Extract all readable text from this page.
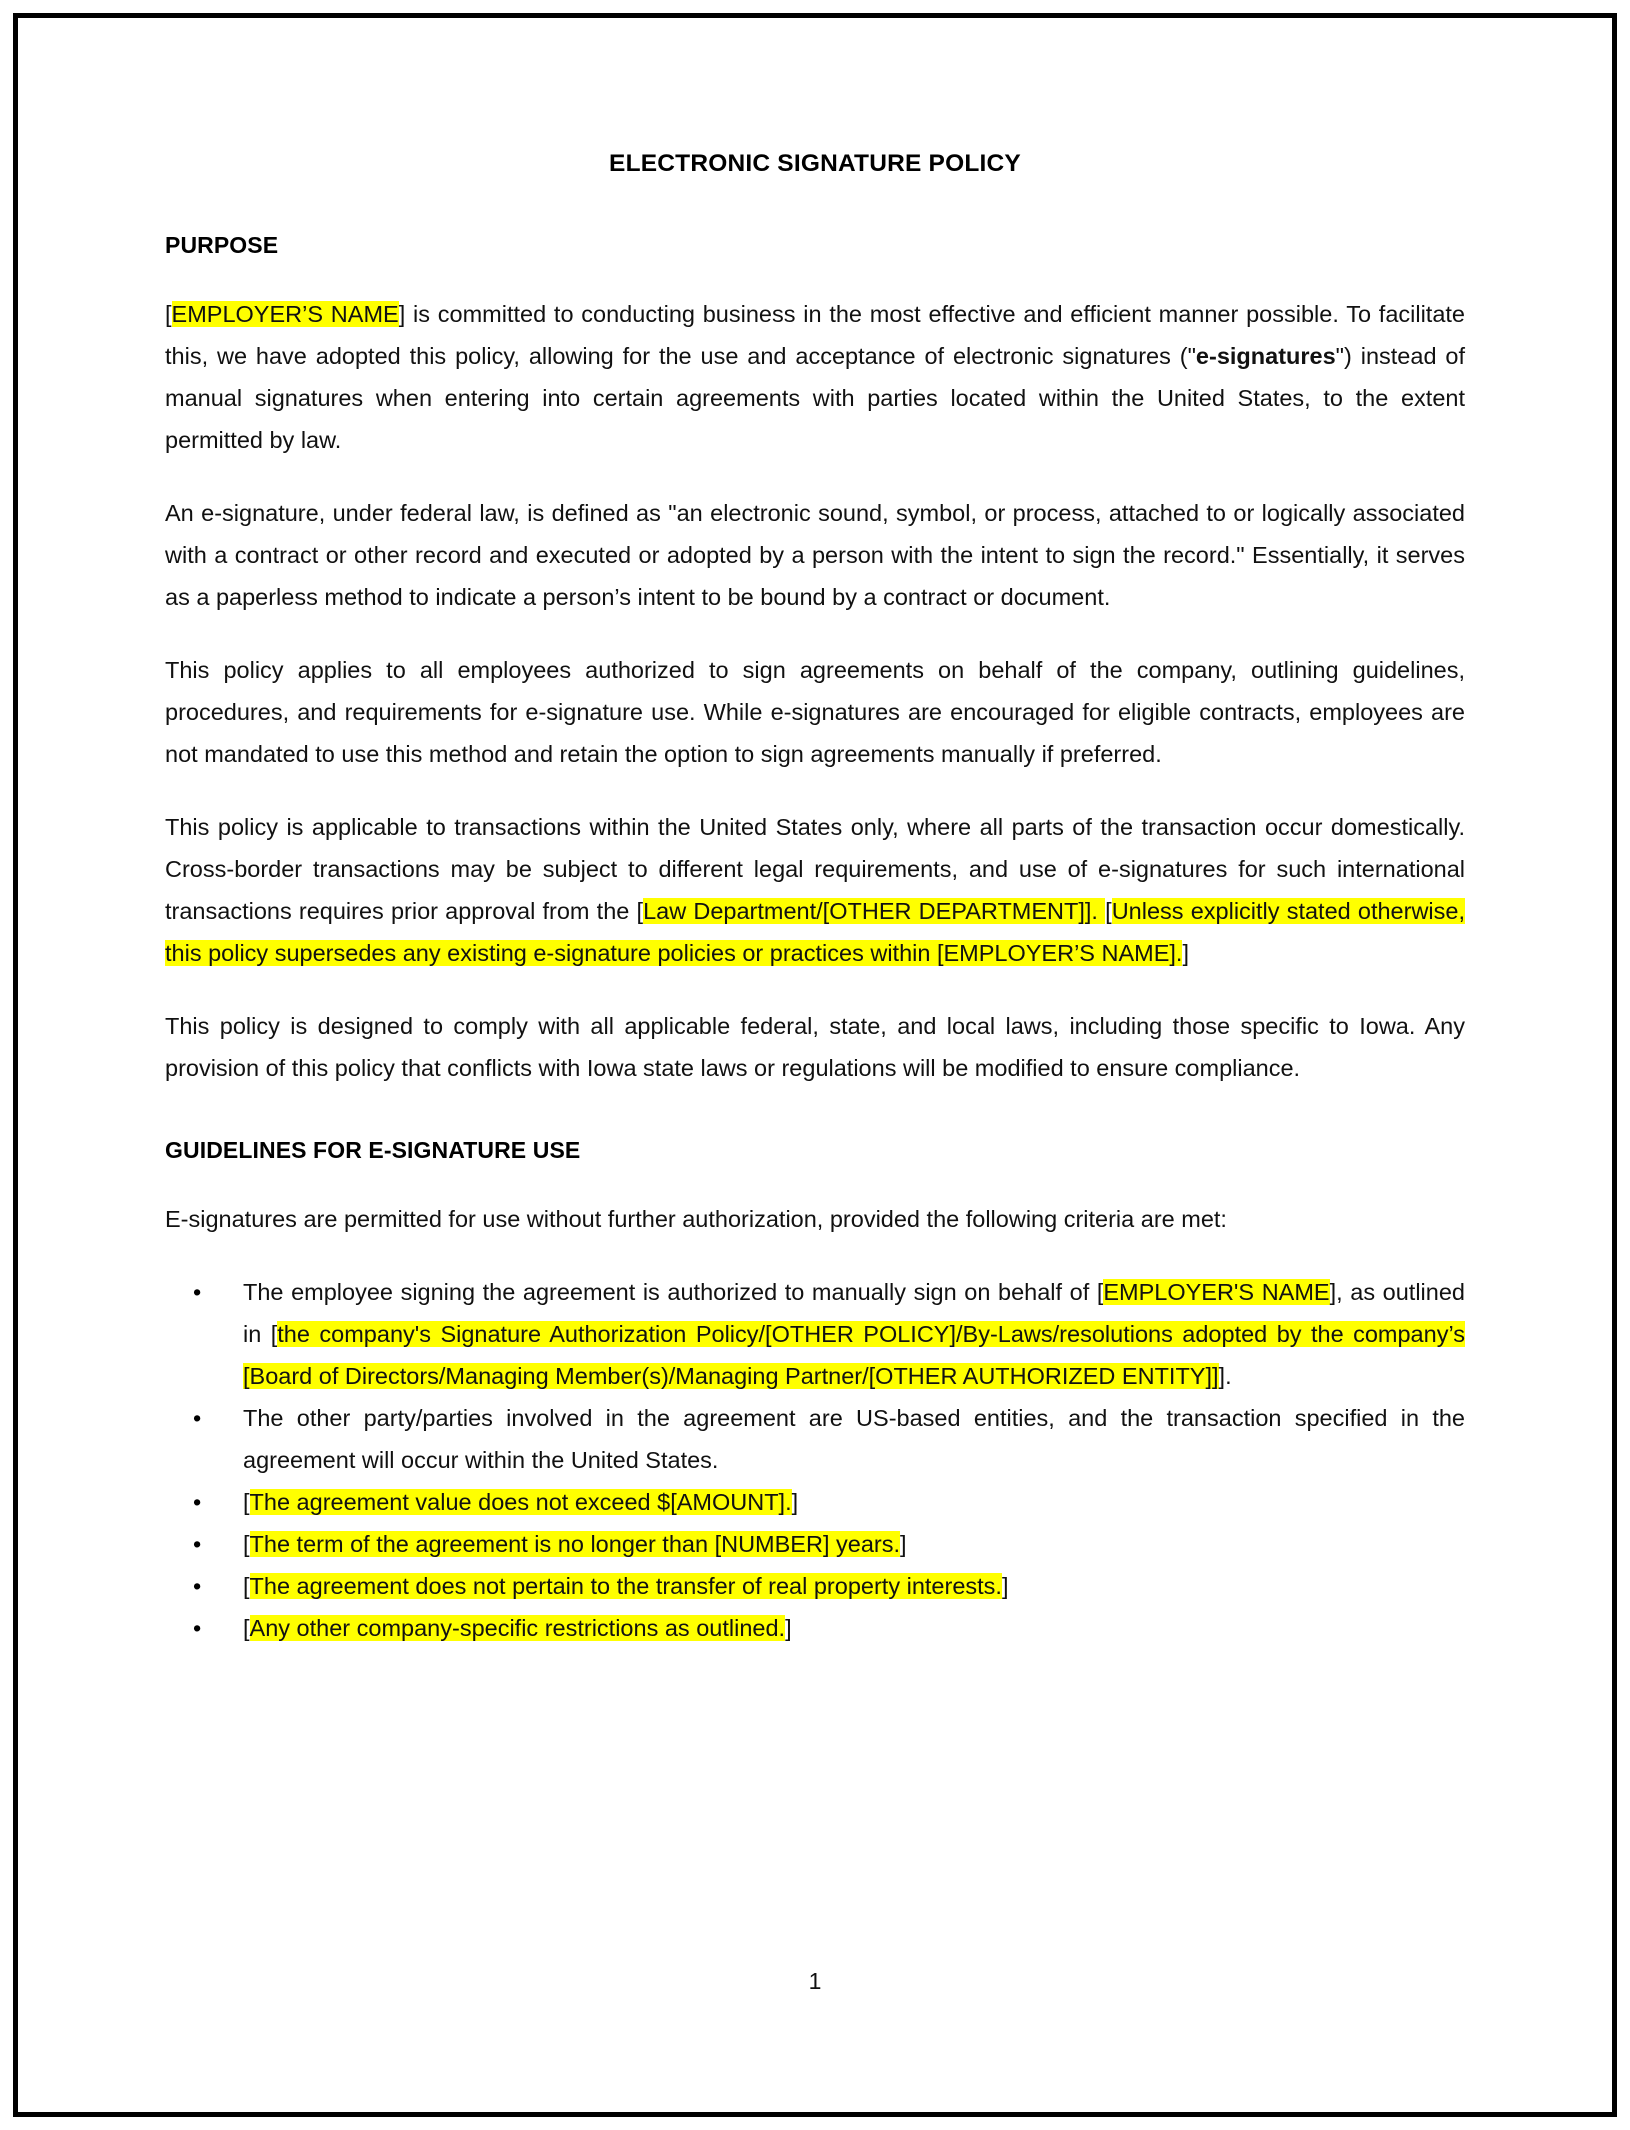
ELECTRONIC SIGNATURE POLICY
PURPOSE

[EMPLOYER’S NAME] is committed to conducting business in the most effective and efficient manner possible. To facilitate this, we have adopted this policy, allowing for the use and acceptance of electronic signatures ("e-signatures") instead of manual signatures when entering into certain agreements with parties located within the United States, to the extent permitted by law.

An e-signature, under federal law, is defined as "an electronic sound, symbol, or process, attached to or logically associated with a contract or other record and executed or adopted by a person with the intent to sign the record." Essentially, it serves as a paperless method to indicate a person’s intent to be bound by a contract or document.

This policy applies to all employees authorized to sign agreements on behalf of the company, outlining guidelines, procedures, and requirements for e-signature use. While e-signatures are encouraged for eligible contracts, employees are not mandated to use this method and retain the option to sign agreements manually if preferred.

This policy is applicable to transactions within the United States only, where all parts of the transaction occur domestically. Cross-border transactions may be subject to different legal requirements, and use of e-signatures for such international transactions requires prior approval from the [Law Department/[OTHER DEPARTMENT]]. [Unless explicitly stated otherwise, this policy supersedes any existing e-signature policies or practices within [EMPLOYER’S NAME].]

This policy is designed to comply with all applicable federal, state, and local laws, including those specific to Iowa. Any provision of this policy that conflicts with Iowa state laws or regulations will be modified to ensure compliance.

GUIDELINES FOR E-SIGNATURE USE

E-signatures are permitted for use without further authorization, provided the following criteria are met:

• The employee signing the agreement is authorized to manually sign on behalf of [EMPLOYER'S NAME], as outlined in [the company's Signature Authorization Policy/[OTHER POLICY]/By-Laws/resolutions adopted by the company’s [Board of Directors/Managing Member(s)/Managing Partner/[OTHER AUTHORIZED ENTITY]]].
• The other party/parties involved in the agreement are US-based entities, and the transaction specified in the agreement will occur within the United States.
• [The agreement value does not exceed $[AMOUNT].]
• [The term of the agreement is no longer than [NUMBER] years.]
• [The agreement does not pertain to the transfer of real property interests.]
• [Any other company-specific restrictions as outlined.]
1
